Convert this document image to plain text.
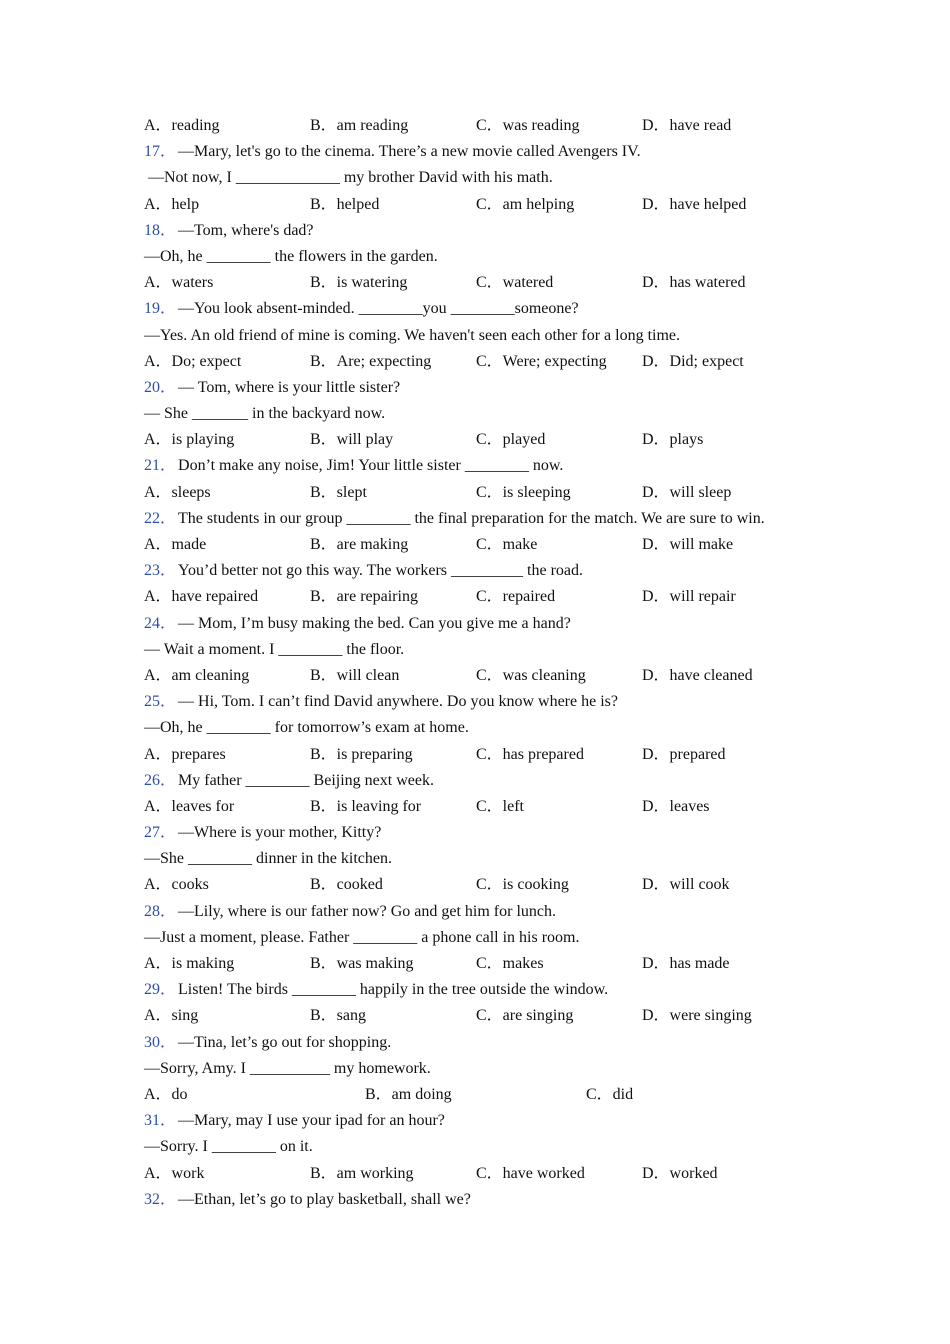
A．reading	B．am reading	C．was reading	D．have read
17． —Mary, let's go to the cinema. There’s a new movie called Avengers IV.
—Not now, I _____________ my brother David with his math.
A．help	B．helped	C．am helping	D．have helped
18． —Tom, where's dad?
—Oh, he ________ the flowers in the garden.
A．waters	B．is watering	C．watered	D．has watered
19． —You look absent-minded. ________you ________someone?
—Yes. An old friend of mine is coming. We haven't seen each other for a long time.
A．Do; expect	B．Are; expecting	C．Were; expecting	D．Did; expect
20． — Tom, where is your little sister?
— She _______ in the backyard now.
A．is playing	B．will play	C．played	D．plays
21． Don’t make any noise, Jim! Your little sister ________ now.
A．sleeps	B．slept	C．is sleeping	D．will sleep
22． The students in our group ________ the final preparation for the match. We are sure to win.
A．made	B．are making	C．make	D．will make
23． You’d better not go this way. The workers _________ the road.
A．have repaired	B．are repairing	C．repaired	D．will repair
24． — Mom, I’m busy making the bed. Can you give me a hand?
— Wait a moment. I ________ the floor.
A．am cleaning	B．will clean	C．was cleaning	D．have cleaned
25． — Hi, Tom. I can’t find David anywhere. Do you know where he is?
—Oh, he ________ for tomorrow’s exam at home.
A．prepares	B．is preparing	C．has prepared	D．prepared
26． My father ________ Beijing next week.
A．leaves for	B．is leaving for	C．left	D．leaves
27． —Where is your mother, Kitty?
—She ________ dinner in the kitchen.
A．cooks	B．cooked	C．is cooking	D．will cook
28． —Lily, where is our father now? Go and get him for lunch.
—Just a moment, please. Father ________ a phone call in his room.
A．is making	B．was making	C．makes	D．has made
29． Listen! The birds ________ happily in the tree outside the window.
A．sing	B．sang	C．are singing	D．were singing
30． —Tina, let’s go out for shopping.
—Sorry, Amy. I __________ my homework.
A．do	B．am doing	C．did
31． —Mary, may I use your ipad for an hour?
—Sorry. I ________ on it.
A．work	B．am working	C．have worked	D．worked
32． —Ethan, let’s go to play basketball, shall we?
